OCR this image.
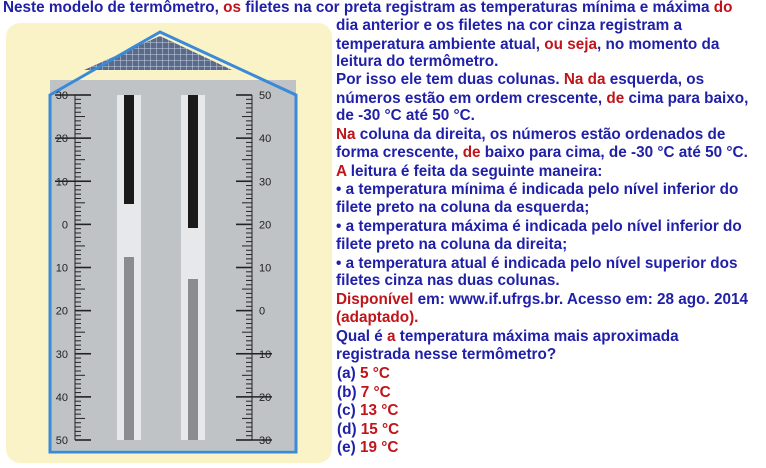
30
20
10
0
10
20
30
40
50
50
40
30
20
10
0
10
20
30
Neste modelo de termômetro, os filetes na cor preta registram as temperaturas mínima e máxima do
dia anterior e os filetes na cor cinza registram a
temperatura ambiente atual, ou seja, no momento da
leitura do termômetro.
Por isso ele tem duas colunas. Na da esquerda, os
números estão em ordem crescente, de cima para baixo,
de -30 °C até 50 °C.
Na coluna da direita, os números estão ordenados de
forma crescente, de baixo para cima, de -30 °C até 50 °C.
A leitura é feita da seguinte maneira:
• a temperatura mínima é indicada pelo nível inferior do
filete preto na coluna da esquerda;
• a temperatura máxima é indicada pelo nível inferior do
filete preto na coluna da direita;
• a temperatura atual é indicada pelo nível superior dos
filetes cinza nas duas colunas.
Disponível em: www.if.ufrgs.br. Acesso em: 28 ago. 2014
(adaptado).
Qual é a temperatura máxima mais aproximada
registrada nesse termômetro?
(a) 5 °C
(b) 7 °C
(c) 13 °C
(d) 15 °C
(e) 19 °C
